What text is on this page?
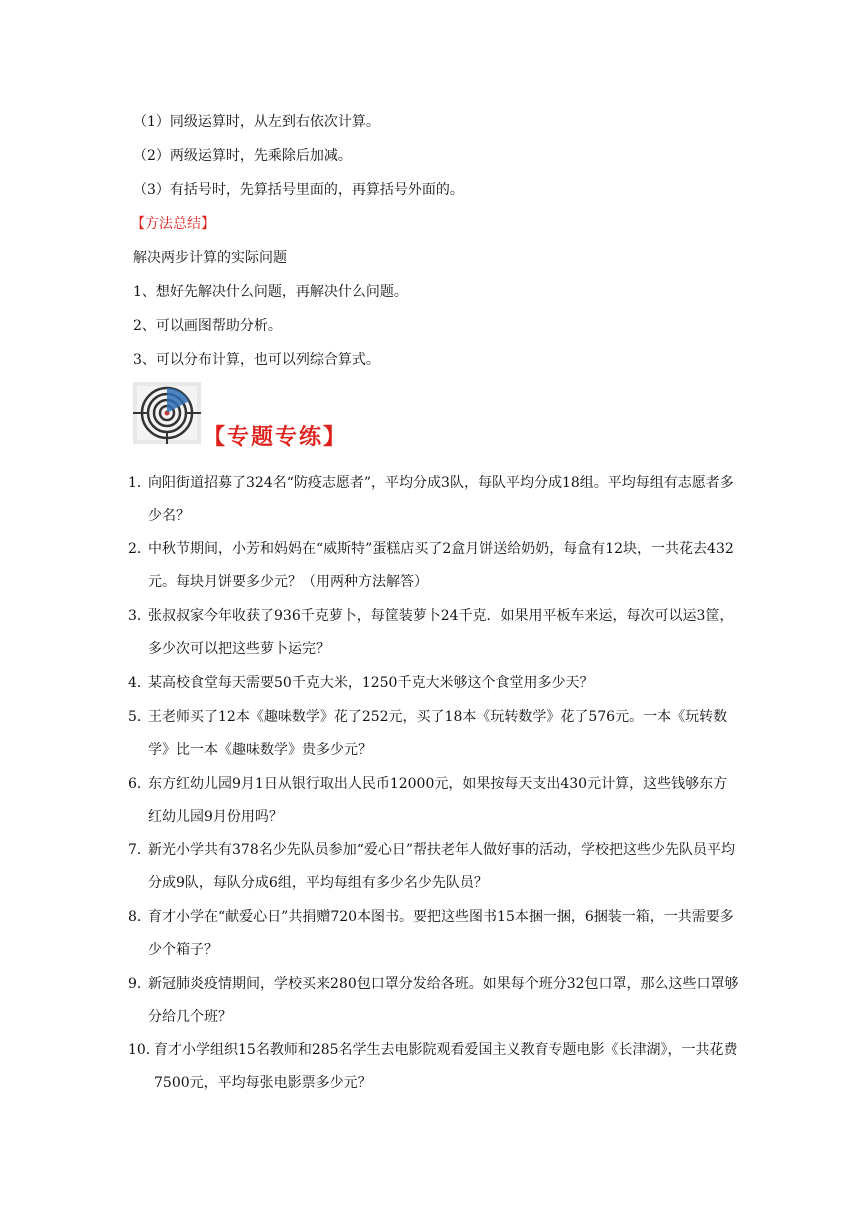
（1）同级运算时，从左到右依次计算。
（2）两级运算时，先乘除后加减。
（3）有括号时，先算括号里面的，再算括号外面的。
【方法总结】
解决两步计算的实际问题
1、想好先解决什么问题，再解决什么问题。
2、可以画图帮助分析。
3、可以分布计算，也可以列综合算式。
【专题专练】
1．
向阳街道招募了324名“防疫志愿者”，平均分成3队，每队平均分成18组。平均每组有志愿者多少名？
2．
中秋节期间，小芳和妈妈在“威斯特”蛋糕店买了2盒月饼送给奶奶，每盒有12块，一共花去432元。每块月饼要多少元？（用两种方法解答）
3．
张叔叔家今年收获了936千克萝卜，每筐装萝卜24千克．如果用平板车来运，每次可以运3筐，多少次可以把这些萝卜运完？
4．
某高校食堂每天需要50千克大米，1250千克大米够这个食堂用多少天？
5．
王老师买了12本《趣味数学》花了252元，买了18本《玩转数学》花了576元。一本《玩转数学》比一本《趣味数学》贵多少元？
6．
东方红幼儿园9月1日从银行取出人民币12000元，如果按每天支出430元计算，这些钱够东方红幼儿园9月份用吗？
7．
新光小学共有378名少先队员参加“爱心日”帮扶老年人做好事的活动，学校把这些少先队员平均分成9队，每队分成6组，平均每组有多少名少先队员？
8．
育才小学在“献爱心日”共捐赠720本图书。要把这些图书15本捆一捆，6捆装一箱，一共需要多少个箱子？
9．
新冠肺炎疫情期间，学校买来280包口罩分发给各班。如果每个班分32包口罩，那么这些口罩够分给几个班？
10．
育才小学组织15名教师和285名学生去电影院观看爱国主义教育专题电影《长津湖》，一共花费7500元，平均每张电影票多少元？
